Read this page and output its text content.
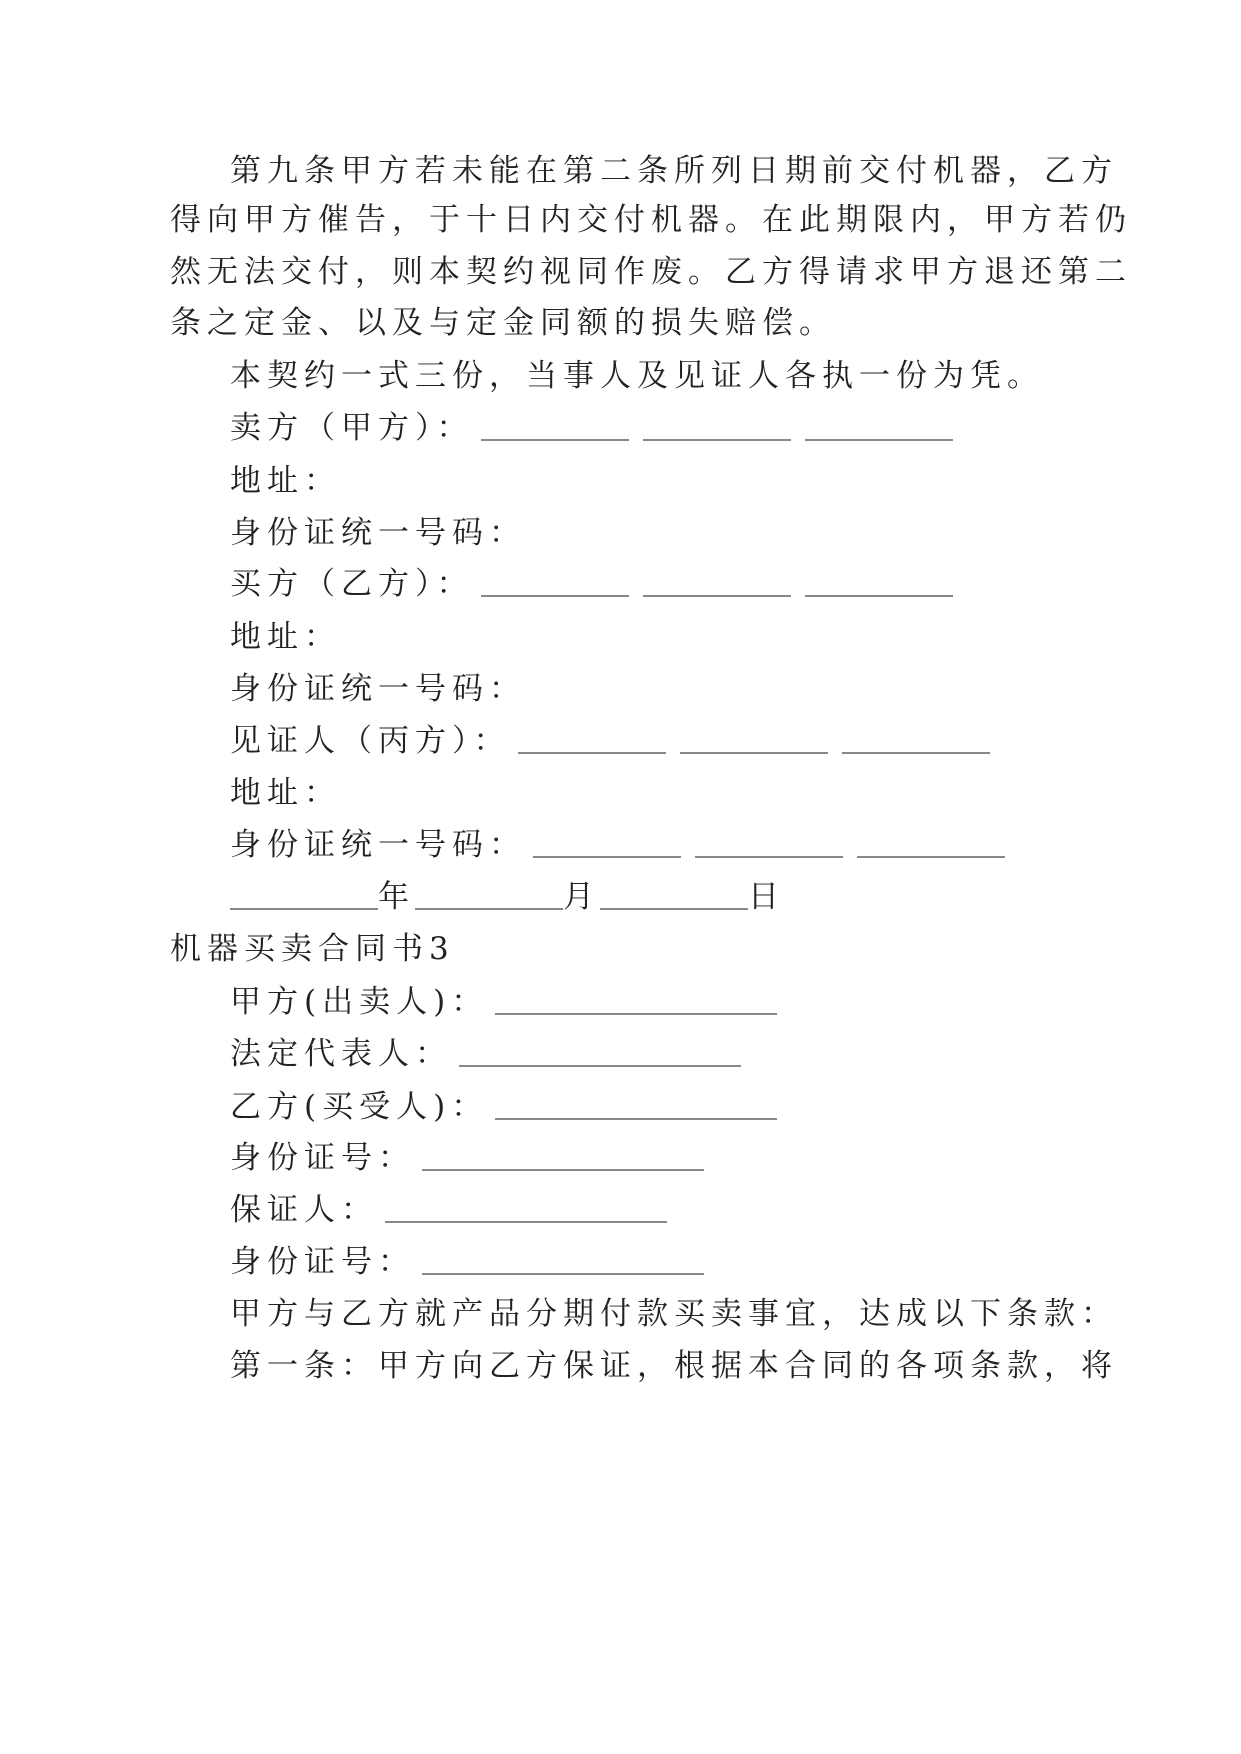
第九条甲方若未能在第二条所列日期前交付机器，乙方
得向甲方催告，于十日内交付机器。在此期限内，甲方若仍
然无法交付，则本契约视同作废。乙方得请求甲方退还第二
条之定金、以及与定金同额的损失赔偿。
本契约一式三份，当事人及见证人各执一份为凭。
卖方（甲方）：
地址：
身份证统一号码：
买方（乙方）：
地址：
身份证统一号码：
见证人（丙方）：
地址：
身份证统一号码：
年	月	日
机器买卖合同书3
甲方(出卖人)：
法定代表人：
乙方(买受人)：
身份证号：
保证人：
身份证号：
甲方与乙方就产品分期付款买卖事宜，达成以下条款：
第一条：甲方向乙方保证，根据本合同的各项条款，将
